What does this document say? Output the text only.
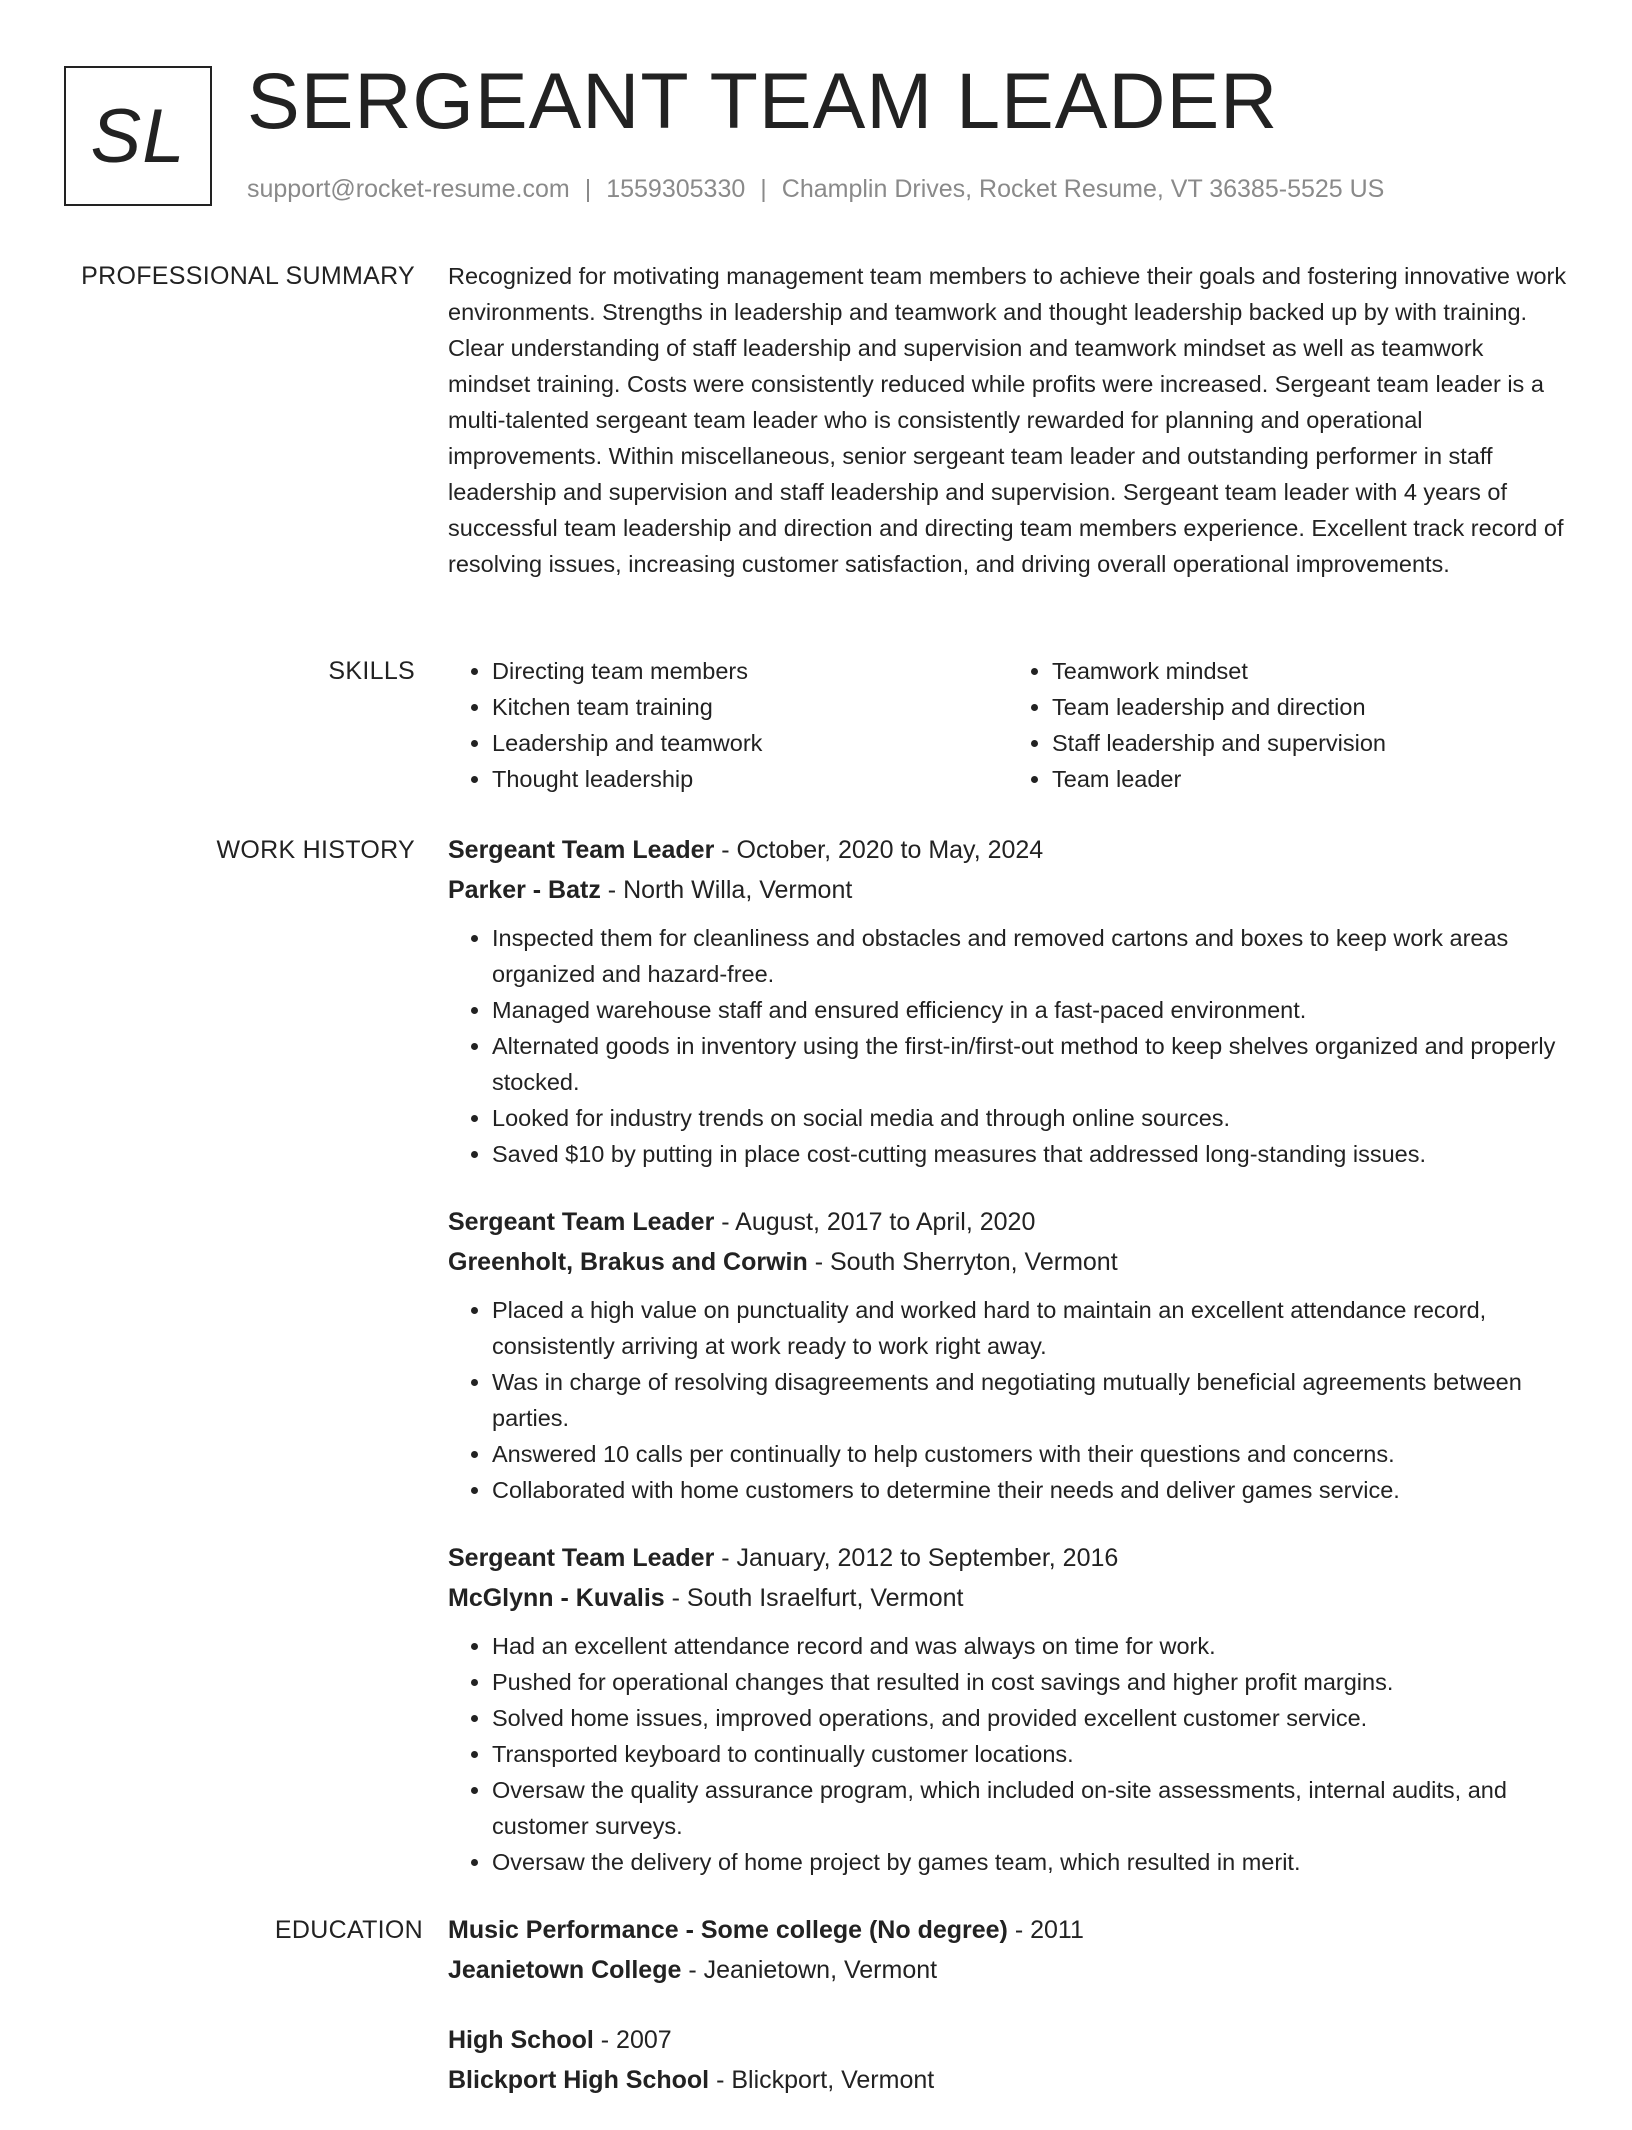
SL SERGEANT TEAM LEADER
support@rocket-resume.com | 1559305330 | Champlin Drives, Rocket Resume, VT 36385-5525 US
PROFESSIONAL SUMMARY Recognized for motivating management team members to achieve their goals and fostering innovative work environments. Strengths in leadership and teamwork and thought leadership backed up by with training. Clear understanding of staff leadership and supervision and teamwork mindset as well as teamwork mindset training. Costs were consistently reduced while profits were increased. Sergeant team leader is a multi-talented sergeant team leader who is consistently rewarded for planning and operational improvements. Within miscellaneous, senior sergeant team leader and outstanding performer in staff leadership and supervision and staff leadership and supervision. Sergeant team leader with 4 years of successful team leadership and direction and directing team members experience. Excellent track record of resolving issues, increasing customer satisfaction, and driving overall operational improvements.

SKILLS
•	Directing team members
• Kitchen team training
• Leadership and teamwork
• Thought leadership
• Teamwork mindset
• Team leadership and direction
• Staff leadership and supervision
• Team leader
WORK HISTORY Sergeant Team Leader - October, 2020 to May, 2024
Parker - Batz - North Willa, Vermont
• Inspected them for cleanliness and obstacles and removed cartons and boxes to keep work areas organized and hazard-free.
• Managed warehouse staff and ensured efficiency in a fast-paced environment.
• Alternated goods in inventory using the first-in/first-out method to keep shelves organized and properly stocked.
• Looked for industry trends on social media and through online sources.
• Saved $10 by putting in place cost-cutting measures that addressed long-standing issues.
Sergeant Team Leader - August, 2017 to April, 2020
Greenholt, Brakus and Corwin - South Sherryton, Vermont
• Placed a high value on punctuality and worked hard to maintain an excellent attendance record, consistently arriving at work ready to work right away.
• Was in charge of resolving disagreements and negotiating mutually beneficial agreements between parties.
• Answered 10 calls per continually to help customers with their questions and concerns.
• Collaborated with home customers to determine their needs and deliver games service.
Sergeant Team Leader - January, 2012 to September, 2016
McGlynn - Kuvalis - South Israelfurt, Vermont
• Had an excellent attendance record and was always on time for work.
• Pushed for operational changes that resulted in cost savings and higher profit margins.
• Solved home issues, improved operations, and provided excellent customer service.
• Transported keyboard to continually customer locations.
• Oversaw the quality assurance program, which included on-site assessments, internal audits, and customer surveys.
• Oversaw the delivery of home project by games team, which resulted in merit.
EDUCATION Music Performance - Some college (No degree) - 2011
Jeanietown College - Jeanietown, Vermont
High School - 2007
Blickport High School - Blickport, Vermont
